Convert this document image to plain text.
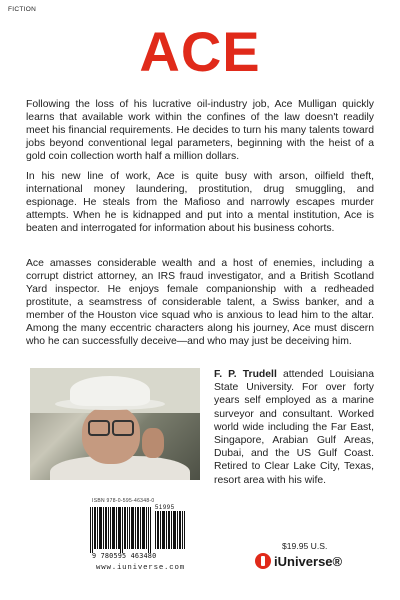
FICTION
ACE

Following the loss of his lucrative oil-industry job, Ace Mulligan quickly learns that available work within the confines of the law doesn't readily meet his financial requirements. He decides to turn his many talents toward jobs beyond conventional legal parameters, beginning with the heist of a gold coin collection worth half a million dollars.

In his new line of work, Ace is quite busy with arson, oilfield theft, international money laundering, prostitution, drug smuggling, and espionage. He steals from the Mafioso and narrowly escapes murder attempts. When he is kidnapped and put into a mental institution, Ace is beaten and interrogated for information about his business cohorts.

Ace amasses considerable wealth and a host of enemies, including a corrupt district attorney, an IRS fraud investigator, and a British Scotland Yard inspector. He enjoys female companionship with a redheaded prostitute, a seamstress of considerable talent, a Swiss banker, and a member of the Houston vice squad who is anxious to lead him to the altar. Among the many eccentric characters along his journey, Ace must discern who he can successfully deceive—and who may just be deceiving him.

F. P. Trudell attended Louisiana State University. For over forty years self employed as a marine surveyor and consultant. Worked world wide including the Far East, Singapore, Arabian Gulf Areas, Dubai, and the US Gulf Coast. Retired to Clear Lake City, Texas, resort area with his wife.

ISBN 978-0-595-46348-0
51995
9 780595 463480
www.iuniverse.com
$19.95 U.S.
iUniverse®
